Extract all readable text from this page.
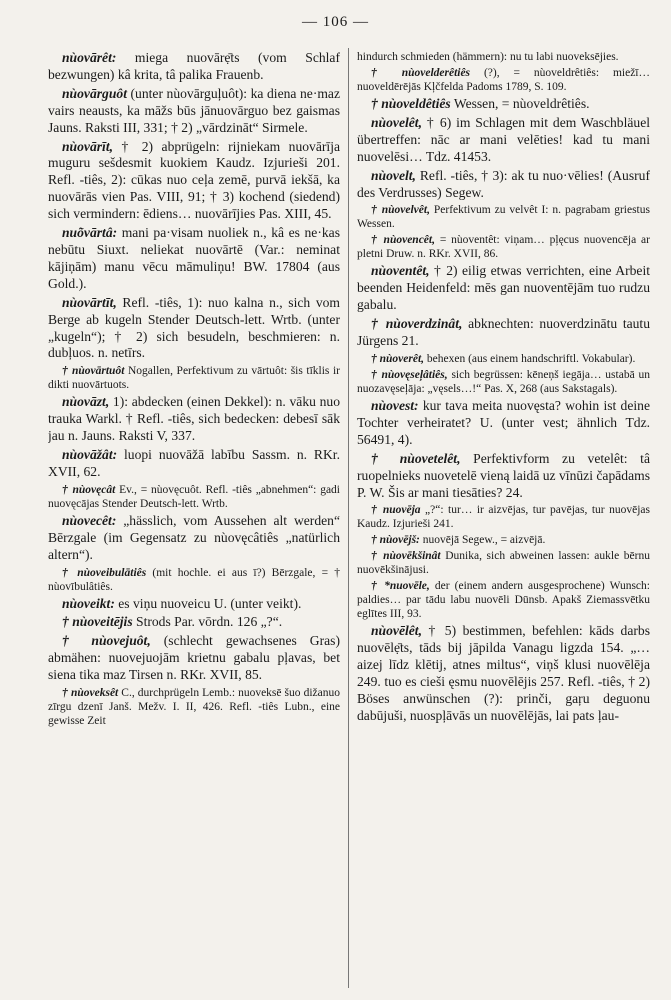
— 106 —

nùovārêt: miega nuovārẹ̄ts (vom Schlaf bezwungen) kâ krita, tâ palika Frauenb.

nùovārguôt (unter nùovārguļuôt): ka diena ne·maz vairs neausts, ka māžs būs jānuovārguo bez gaismas Jauns. Raksti III, 331; † 2) „vārdzināt“ Sirmele.

nùovārīt, † 2) abprügeln: rijniekam nuovārīja muguru sešdesmit kuokiem Kaudz. Izjurieši 201. Refl. -tiês, 2): cūkas nuo ceļa zemē, purvā iekšā, ka nuovārās vien Pas. VIII, 91; † 3) kochend (siedend) sich vermindern: ēdiens… nuovārījies Pas. XIII, 45.

nuõvārtâ: mani pa·visam nuoliek n., kâ es ne·kas nebūtu Siuxt. neliekat nuovārtē (Var.: neminat kājiņām) manu vēcu māmuliņu! BW. 17804 (aus Gold.).

nùovārtīt, Refl. -tiês, 1): nuo kalna n., sich vom Berge ab kugeln Stender Deutsch-lett. Wrtb. (unter „kugeln“); † 2) sich besudeln, beschmieren: n. dubļuos. n. netīrs.

† nùovārtuôt Nogallen, Perfektivum zu vārtuôt: šis tīklis ir dikti nuovārtuots.

nùovāzt, 1): abdecken (einen Dekkel): n. vāku nuo trauka Warkl. † Refl. -tiês, sich bedecken: debesī sāk jau n. Jauns. Raksti V, 337.

nùovāžât: luopi nuovāžā labību Sassm. n. RKr. XVII, 62.

† nùovęcât Ev., = nùovęcuôt. Refl. -tiês „abnehmen“: gadi nuovęcājas Stender Deutsch-lett. Wrtb.

nùovecêt: „hässlich, vom Aussehen alt werden“ Bērzgale (im Gegensatz zu nùovęcâtiês „natürlich altern“).

† nùoveibulātiês (mit hochle. ei aus ī?) Bērzgale, = † nùovībulâtiês.

nùoveikt: es viņu nuoveicu U. (unter veikt).

† nùoveitējis Strods Par. vōrdn. 126 „?“.

† nùovejuôt, (schlecht gewachsenes Gras) abmähen: nuovejuojām krietnu gabalu pļavas, bet siena tika maz Tirsen n. RKr. XVII, 85.

† nùoveksêt C., durchprügeln Lemb.: nuoveksē šuo dižanuo zīrgu dzenī Janš. Mežv. I. II, 426. Refl. -tiês Lubn., eine gewisse Zeit

hindurch schmieden (hämmern): nu tu labi nuoveksējies.

† nùovelderêtiês (?), = nùoveldrêtiês: miežī… nuoveldērējās Kļčfelda Padoms 1789, S. 109.

† nùoveldêtiês Wessen, = nùoveldrêtiês.

nùovelêt, † 6) im Schlagen mit dem Waschbläuel übertreffen: nāc ar mani velēties! kad tu mani nuovelēsi… Tdz. 41453.

nùovelt, Refl. -tiês, † 3): ak tu nuo·vēlies! (Ausruf des Verdrusses) Segew.

† nùovelvêt, Perfektivum zu velvêt I: n. pagrabam griestus Wessen.

† nùovencêt, = nùoventêt: viņam… pļęcus nuovencēja ar pletni Druw. n. RKr. XVII, 86.

nùoventêt, † 2) eilig etwas verrichten, eine Arbeit beenden Heidenfeld: mēs gan nuoventējām tuo rudzu gabalu.

† nùoverdzinât, abknechten: nuoverdzinātu tautu Jürgens 21.

† nùoverêt, behexen (aus einem handschriftl. Vokabular).

† nùovęseļâtiês, sich begrüssen: kēneņš iegāja… ustabā un nuozavęseļāja: „vęsels…!“ Pas. X, 268 (aus Sakstagals).

nùovest: kur tava meita nuovęsta? wohin ist deine Tochter verheiratet? U. (unter vest; ähnlich Tdz. 56491, 4).

† nùovetelêt, Perfektivform zu vetelêt: tâ ruopelnieks nuovetelē vieną laidā uz vīnūzi čapādams P. W. Šis ar mani tiesāties? 24.

† nuovēja „?“: tur… ir aizvējas, tur pavējas, tur nuovējas Kaudz. Izjurieši 241.

† nùovējš: nuovējā Segew., = aizvējā.

† nùovēkšinât Dunika, sich abweinen lassen: aukle bērnu nuovēkšinājusi.

† *nuovēle, der (einem andern ausgesprochene) Wunsch: paldies… par tādu labu nuovēli Dūnsb. Apakš Ziemassvētku eglītes III, 93.

nùovēlêt, † 5) bestimmen, befehlen: kāds darbs nuovēlẹ̄ts, tāds bij jāpilda Vanagu ligzda 154. „…aizej līdz klētij, atnes miltus“, viņš klusi nuovēlēja 249. tuo es cieši ęsmu nuovēlējis 257. Refl. -tiês, † 2) Böses anwünschen (?): prinči, gaŗu deguonu dabūjuši, nuospļāvās un nuovēlējās, lai pats ļau-
